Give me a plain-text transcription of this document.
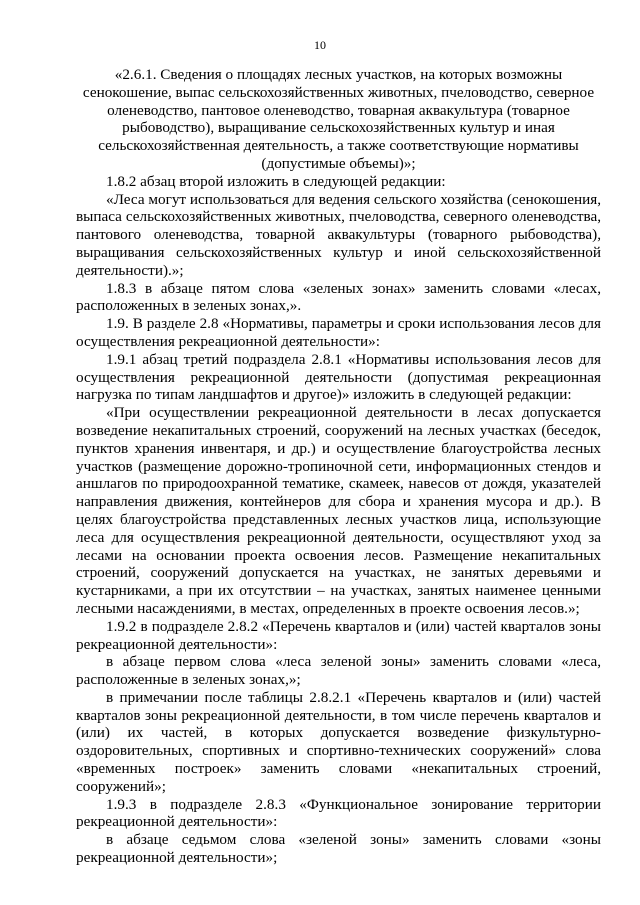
10

«2.6.1. Сведения о площадях лесных участков, на которых возможны сенокошение, выпас сельскохозяйственных животных, пчеловодство, северное оленеводство, пантовое оленеводство, товарная аквакультура (товарное рыбоводство), выращивание сельскохозяйственных культур и иная сельскохозяйственная деятельность, а также соответствующие нормативы (допустимые объемы)»;

1.8.2 абзац второй изложить в следующей редакции:

«Леса могут использоваться для ведения сельского хозяйства (сенокошения, выпаса сельскохозяйственных животных, пчеловодства, северного оленеводства, пантового оленеводства, товарной аквакультуры (товарного рыбоводства), выращивания сельскохозяйственных культур и иной сельскохозяйственной деятельности).»;

1.8.3 в абзаце пятом слова «зеленых зонах» заменить словами «лесах, расположенных в зеленых зонах,».

1.9. В разделе 2.8 «Нормативы, параметры и сроки использования лесов для осуществления рекреационной деятельности»:

1.9.1 абзац третий подраздела 2.8.1 «Нормативы использования лесов для осуществления рекреационной деятельности (допустимая рекреационная нагрузка по типам ландшафтов и другое)» изложить в следующей редакции:

«При осуществлении рекреационной деятельности в лесах допускается возведение некапитальных строений, сооружений на лесных участках (беседок, пунктов хранения инвентаря, и др.) и осуществление благоустройства лесных участков (размещение дорожно-тропиночной сети, информационных стендов и аншлагов по природоохранной тематике, скамеек, навесов от дождя, указателей направления движения, контейнеров для сбора и хранения мусора и др.). В целях благоустройства представленных лесных участков лица, использующие леса для осуществления рекреационной деятельности, осуществляют уход за лесами на основании проекта освоения лесов. Размещение некапитальных строений, сооружений допускается на участках, не занятых деревьями и кустарниками, а при их отсутствии – на участках, занятых наименее ценными лесными насаждениями, в местах, определенных в проекте освоения лесов.»;

1.9.2 в подразделе 2.8.2 «Перечень кварталов и (или) частей кварталов зоны рекреационной деятельности»:

в абзаце первом слова «леса зеленой зоны» заменить словами «леса, расположенные в зеленых зонах,»;

в примечании после таблицы 2.8.2.1 «Перечень кварталов и (или) частей кварталов зоны рекреационной деятельности, в том числе перечень кварталов и (или) их частей, в которых допускается возведение физкультурно-оздоровительных, спортивных и спортивно-технических сооружений» слова «временных построек» заменить словами «некапитальных строений, сооружений»;

1.9.3 в подразделе 2.8.3 «Функциональное зонирование территории рекреационной деятельности»:

в абзаце седьмом слова «зеленой зоны» заменить словами «зоны рекреационной деятельности»;
